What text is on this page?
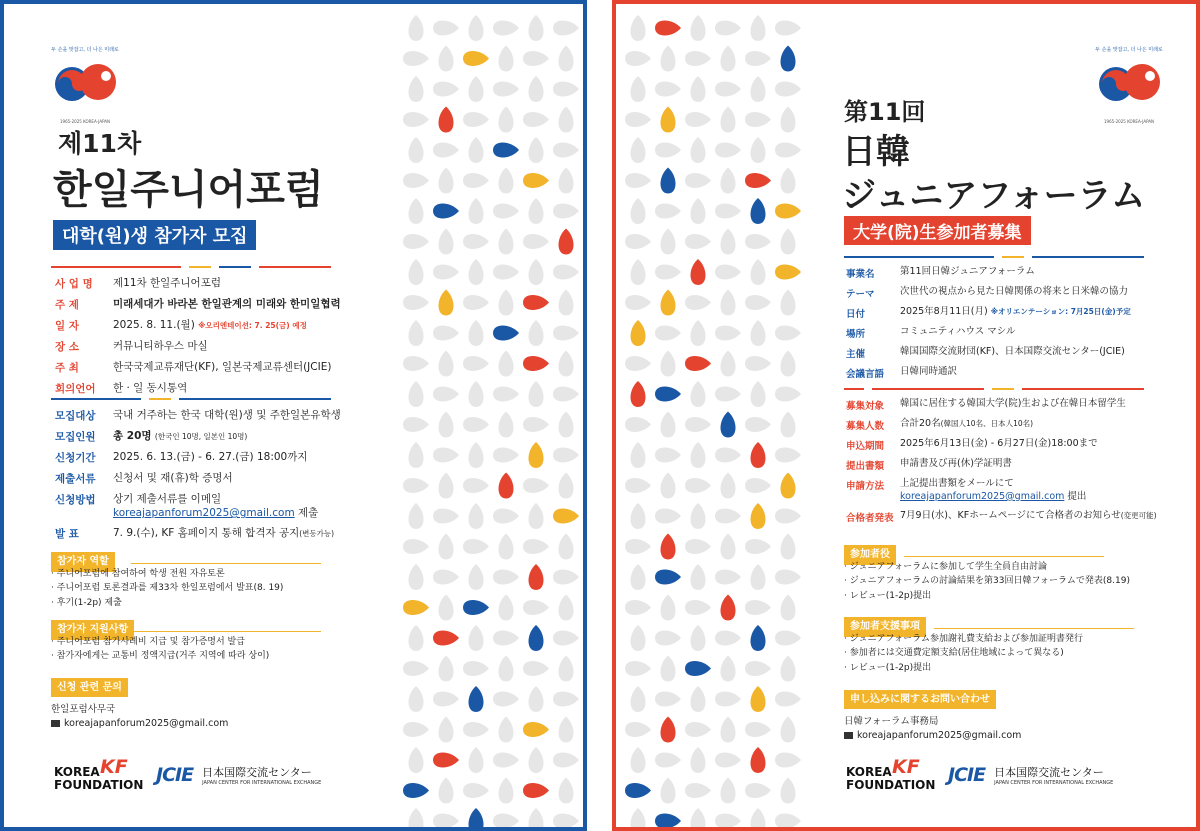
두 손을 맞잡고, 더 나은 미래로
1965-2025 KOREA-JAPAN
제11차
한일주니어포럼
대학(원)생 참가자 모집
사 업 명	제11차 한일주니어포럼
주 제	미래세대가 바라본 한일관계의 미래와 한미일협력
일 자	2025. 8. 11.(월) ※오리엔테이션: 7. 25(금) 예정
장 소	커뮤니티하우스 마실
주 최	한국국제교류재단(KF), 일본국제교류센터(JCIE)
회의언어	한 · 일 동시통역
모집대상	국내 거주하는 한국 대학(원)생 및 주한일본유학생
모집인원	총 20명 (한국인 10명, 일본인 10명)
신청기간	2025. 6. 13.(금) - 6. 27.(금) 18:00까지
제출서류	신청서 및 재(휴)학 증명서
신청방법	상기 제출서류를 이메일
koreajapanforum2025@gmail.com 제출
발 표	7. 9.(수), KF 홈페이지 통해 합격자 공지(변동가능)
참가자 역할
· 주니어포럼에 참여하여 학생 전원 자유토론
· 주니어포럼 토론결과를 제33차 한일포럼에서 발표(8. 19)
· 후기(1-2p) 제출
참가자 지원사항
· 주니어포럼 참가사례비 지급 및 참가증명서 발급
· 참가자에게는 교통비 정액지급(거주 지역에 따라 상이)
신청 관련 문의
한일포럼사무국
koreajapanforum2025@gmail.com
KOREA
FOUNDATION
KF JCIE 日本国際交流センター
JAPAN CENTER FOR INTERNATIONAL EXCHANGE
두 손을 맞잡고, 더 나은 미래로
1965-2025 KOREA-JAPAN
第11回
日韓
ジュニアフォーラム
大学(院)生参加者募集
事業名	第11回日韓ジュニアフォーラム
テーマ	次世代の視点から見た日韓関係の将来と日米韓の協力
日付	2025年8月11日(月) ※オリエンテーション: 7月25日(金)予定
場所	コミュニティハウス マシル
主催	韓国国際交流財団(KF)、日本国際交流センター(JCIE)
会議言語	日韓同時通訳
募集対象	韓国に居住する韓国大学(院)生および在韓日本留学生
募集人数	合計20名(韓国人10名、日本人10名)
申込期間	2025年6月13日(金) - 6月27日(金)18:00まで
提出書類	申請書及び再(休)学証明書
申請方法	上記提出書類をメールにて
koreajapanforum2025@gmail.com 提出
合格者発表 7月9日(水)、KFホームページにて合格者のお知らせ(変更可能)
参加者役
· ジュニアフォーラムに参加して学生全員自由討論
· ジュニアフォーラムの討論結果を第33回日韓フォーラムで発表(8.19)
· レビュー(1-2p)提出
参加者支援事項
· ジュニアフォーラム参加謝礼費支給および参加証明書発行
· 参加者には交通費定額支給(居住地域によって異なる)
· レビュー(1-2p)提出
申し込みに関するお問い合わせ
日韓フォーラム事務局
koreajapanforum2025@gmail.com
KOREA
FOUNDATION
KF JCIE 日本国際交流センター
JAPAN CENTER FOR INTERNATIONAL EXCHANGE
